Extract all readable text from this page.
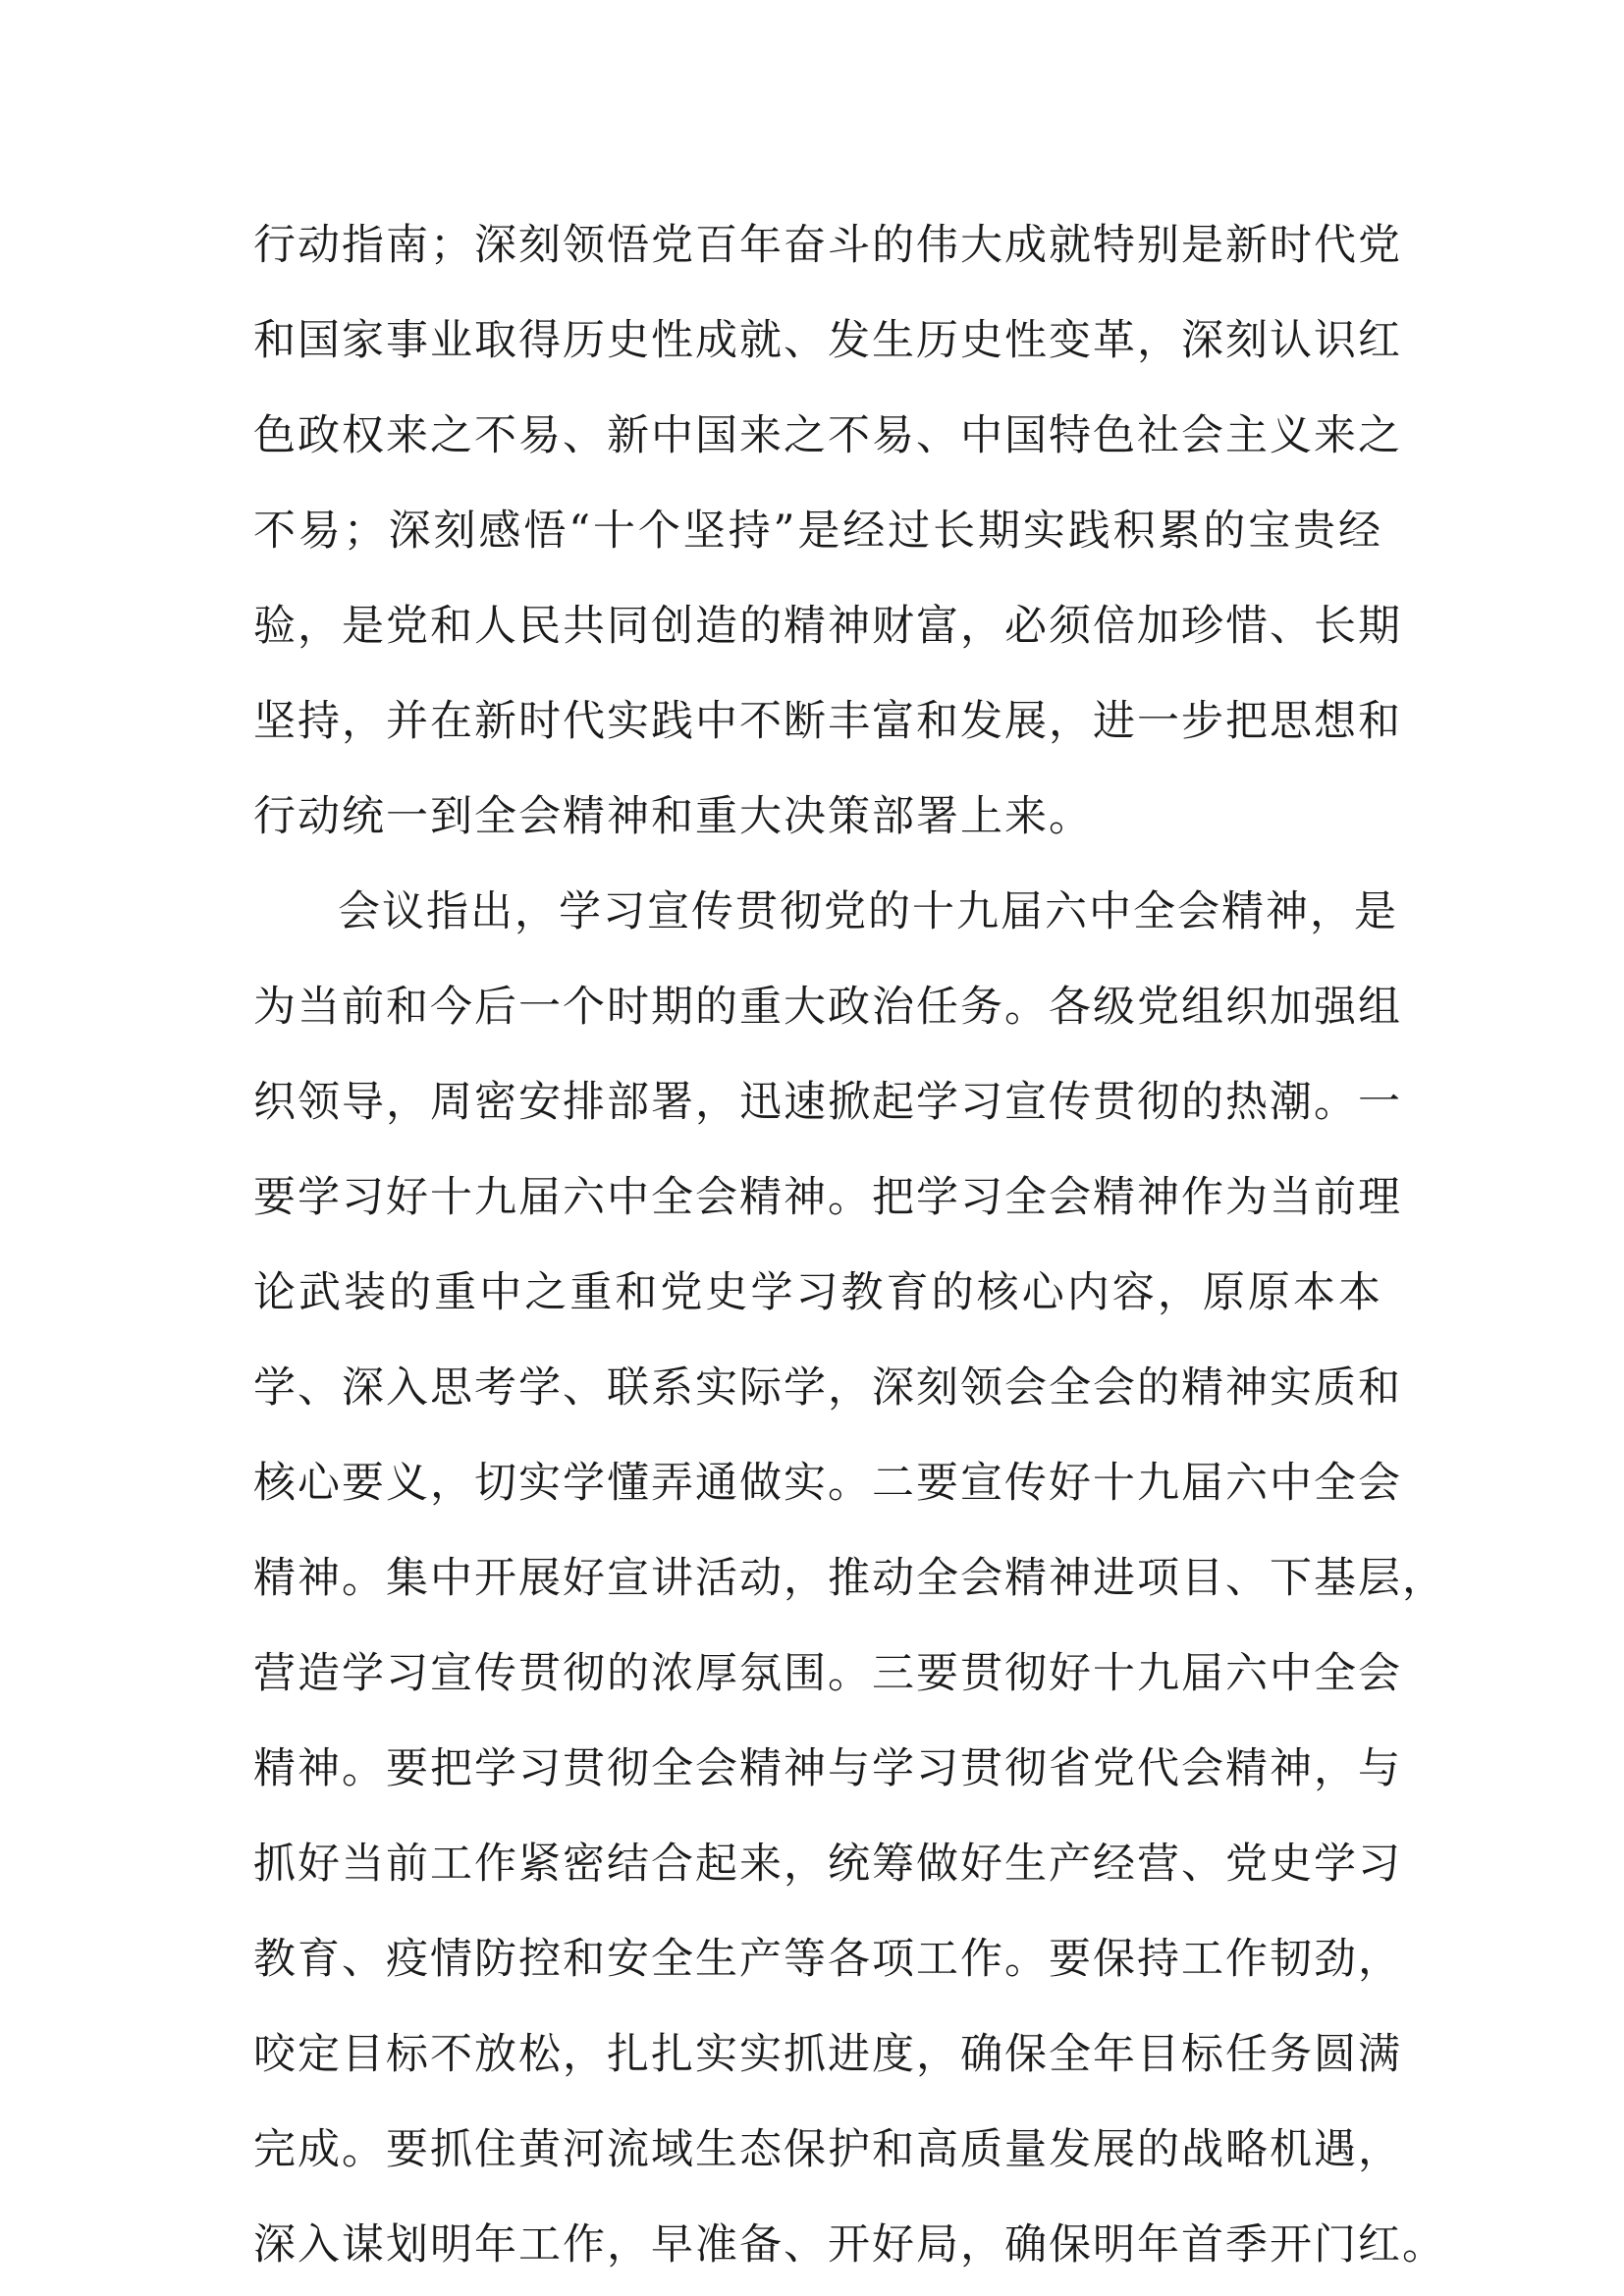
行动指南；深刻领悟党百年奋斗的伟大成就特别是新时代党
和国家事业取得历史性成就、发生历史性变革，深刻认识红
色政权来之不易、新中国来之不易、中国特色社会主义来之
不易；深刻感悟“十个坚持”是经过长期实践积累的宝贵经
验，是党和人民共同创造的精神财富，必须倍加珍惜、长期
坚持，并在新时代实践中不断丰富和发展，进一步把思想和
行动统一到全会精神和重大决策部署上来。
会议指出，学习宣传贯彻党的十九届六中全会精神，是
为当前和今后一个时期的重大政治任务。各级党组织加强组
织领导，周密安排部署，迅速掀起学习宣传贯彻的热潮。一
要学习好十九届六中全会精神。把学习全会精神作为当前理
论武装的重中之重和党史学习教育的核心内容，原原本本
学、深入思考学、联系实际学，深刻领会全会的精神实质和
核心要义，切实学懂弄通做实。二要宣传好十九届六中全会
精神。集中开展好宣讲活动，推动全会精神进项目、下基层，
营造学习宣传贯彻的浓厚氛围。三要贯彻好十九届六中全会
精神。要把学习贯彻全会精神与学习贯彻省党代会精神，与
抓好当前工作紧密结合起来，统筹做好生产经营、党史学习
教育、疫情防控和安全生产等各项工作。要保持工作韧劲，
咬定目标不放松，扎扎实实抓进度，确保全年目标任务圆满
完成。要抓住黄河流域生态保护和高质量发展的战略机遇，
深入谋划明年工作，早准备、开好局，确保明年首季开门红。
